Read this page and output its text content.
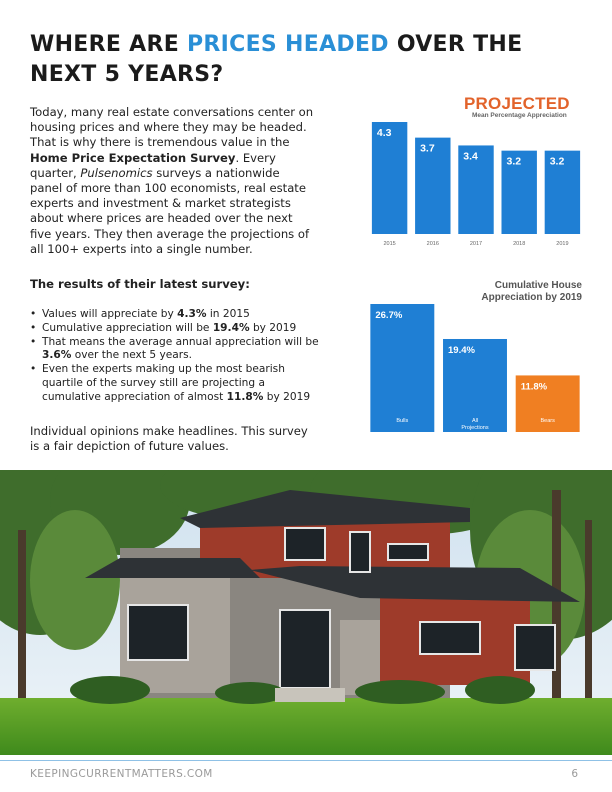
WHERE ARE PRICES HEADED OVER THE NEXT 5 YEARS?
Today, many real estate conversations center on housing prices and where they may be headed. That is why there is tremendous value in the Home Price Expectation Survey. Every quarter, Pulsenomics surveys a nationwide panel of more than 100 economists, real estate experts and investment & market strategists about where prices are headed over the next five years. They then average the projections of all 100+ experts into a single number.
The results of their latest survey:
• Values will appreciate by 4.3% in 2015
• Cumulative appreciation will be 19.4% by 2019
• That means the average annual appreciation will be 3.6% over the next 5 years.
• Even the experts making up the most bearish quartile of the survey still are projecting a cumulative appreciation of almost 11.8% by 2019
Individual opinions make headlines. This survey is a fair depiction of future values.
PROJECTED
Mean Percentage Appreciation
4.3
2015
3.7
2016
3.4
2017
3.2
2018
3.2
2019
Cumulative House Appreciation by 2019
26.7%
Bulls
19.4%
All
Projections
11.8%
Bears
KEEPINGCURRENTMATTERS.COM	6
